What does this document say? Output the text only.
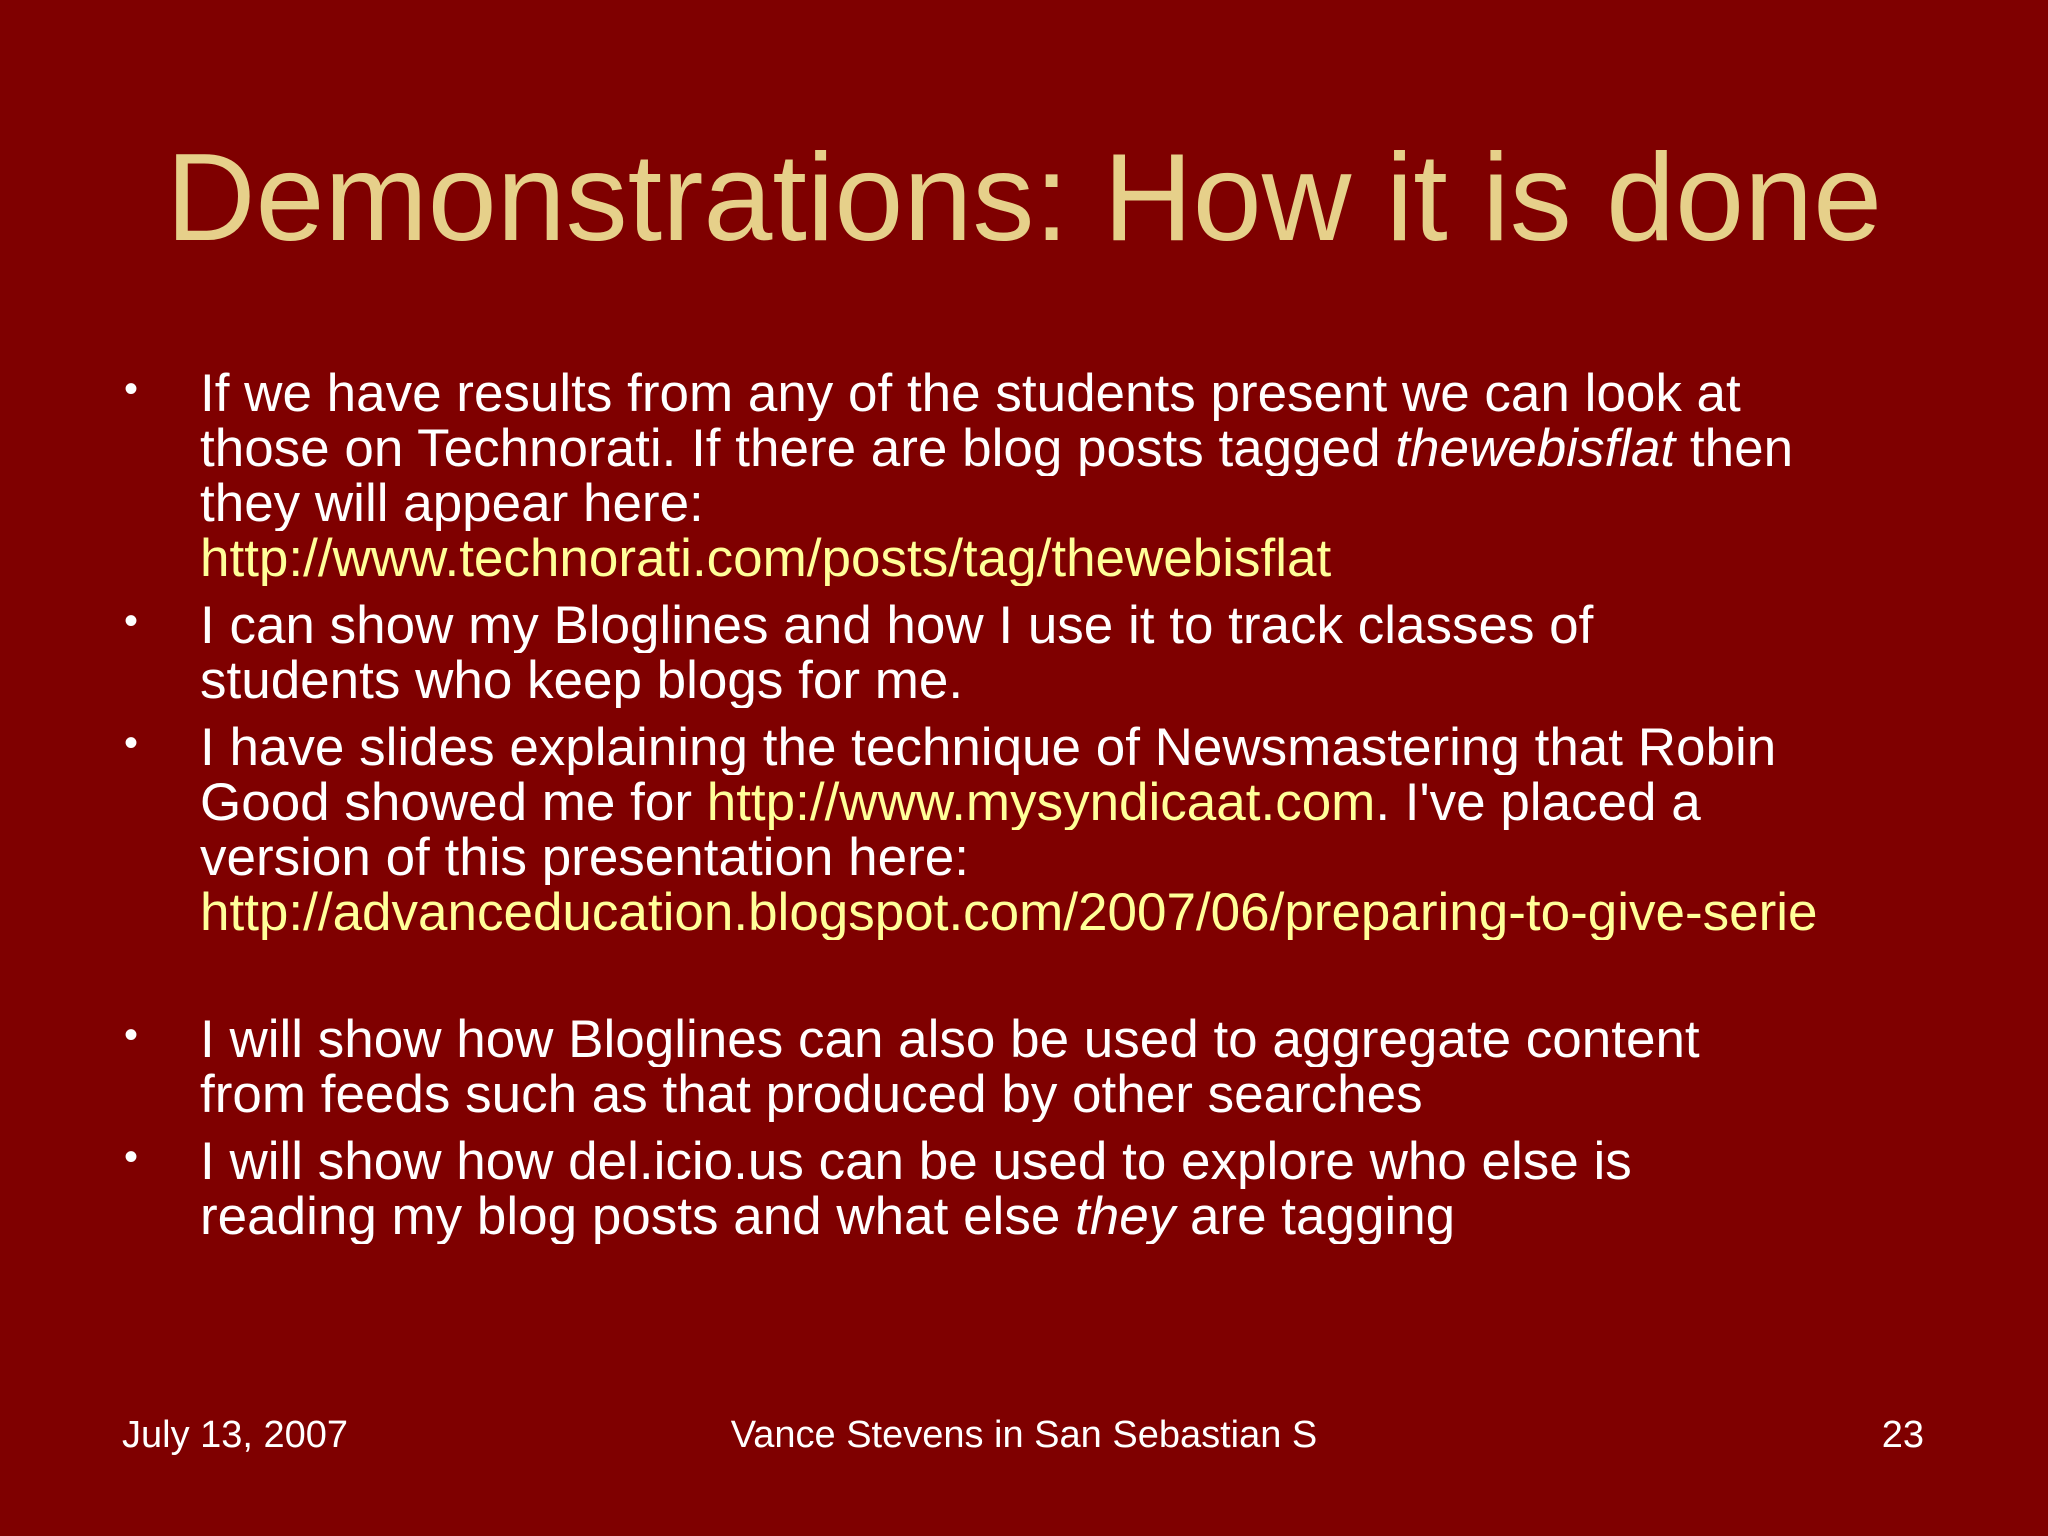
Demonstrations: How it is done
• If we have results from any of the students present we can look at
those on Technorati. If there are blog posts tagged thewebisflat then
they will appear here:
http://www.technorati.com/posts/tag/thewebisflat
• I can show my Bloglines and how I use it to track classes of
students who keep blogs for me.
• I have slides explaining the technique of Newsmastering that Robin
Good showed me for http://www.mysyndicaat.com. I've placed a
version of this presentation here:
http://advanceducation.blogspot.com/2007/06/preparing-to-give-serie
• I will show how Bloglines can also be used to aggregate content
from feeds such as that produced by other searches
• I will show how del.icio.us can be used to explore who else is
reading my blog posts and what else they are tagging
Vance Stevens in San Sebastian S
July 13, 2007	23
